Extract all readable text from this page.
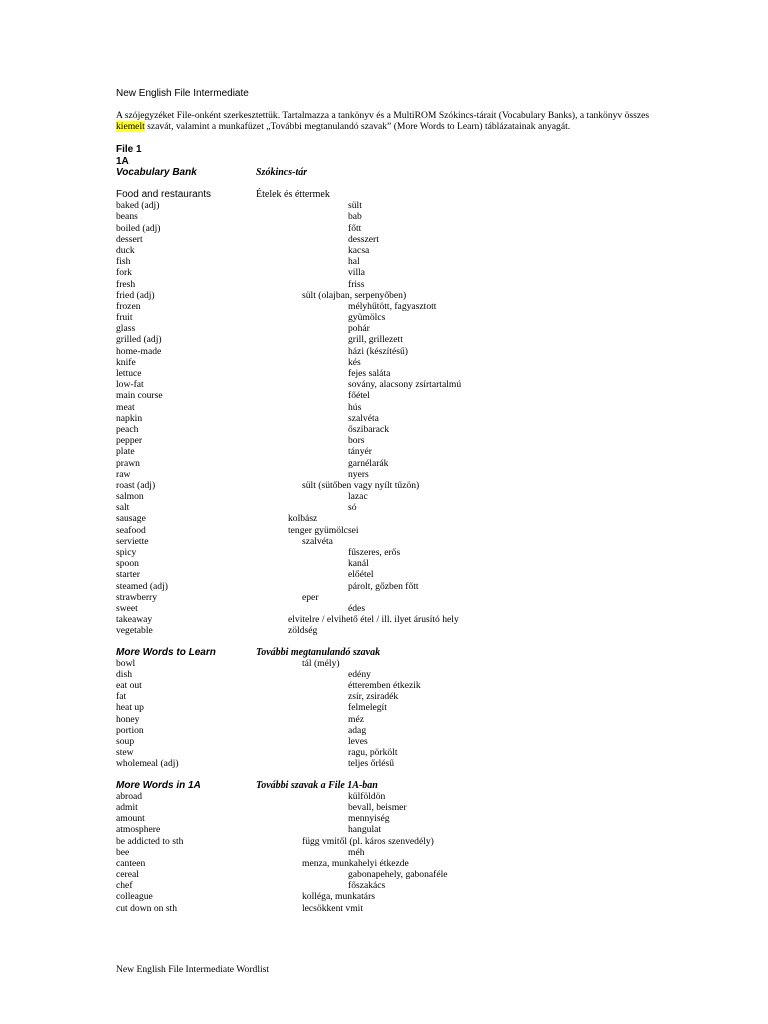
New English File Intermediate
A szójegyzéket File-onként szerkesztettük. Tartalmazza a tankönyv és a MultiROM Szókincs-tárait (Vocabulary Banks), a tankönyv összes kiemelt szavát, valamint a munkafüzet „További megtanulandó szavak” (More Words to Learn) táblázatainak anyagát.
File 1
1A
Vocabulary Bank	Szókincs-tár
Food and restaurants	Ételek és éttermek
baked (adj)	sült
beans	bab
boiled (adj)	főtt
dessert	desszert
duck	kacsa
fish	hal
fork	villa
fresh	friss
fried (adj)	sült (olajban, serpenyőben)
frozen	mélyhűtött, fagyasztott
fruit	gyümölcs
glass	pohár
grilled (adj)	grill, grillezett
home-made	házi (készítésű)
knife	kés
lettuce	fejes saláta
low-fat	sovány, alacsony zsírtartalmú
main course	főétel
meat	hús
napkin	szalvéta
peach	őszibarack
pepper	bors
plate	tányér
prawn	garnélarák
raw	nyers
roast (adj)	sült (sütőben vagy nyílt tűzön)
salmon	lazac
salt	só
sausage	kolbász
seafood	tenger gyümölcsei
serviette	szalvéta
spicy	fűszeres, erős
spoon	kanál
starter	előétel
steamed (adj)	párolt, gőzben főtt
strawberry	eper
sweet	édes
takeaway	elvitelre / elvihető étel / ill. ilyet árusító hely
vegetable	zöldség
More Words to Learn	További megtanulandó szavak
bowl	tál (mély)
dish	edény
eat out	étteremben étkezik
fat	zsír, zsiradék
heat up	felmelegít
honey	méz
portion	adag
soup	leves
stew	ragu, pörkölt
wholemeal (adj)	teljes őrlésű
More Words in 1A	További szavak a File 1A-ban
abroad	külföldön
admit	bevall, beismer
amount	mennyiség
atmosphere	hangulat
be addicted to sth	függ vmitől (pl. káros szenvedély)
bee	méh
canteen	menza, munkahelyi étkezde
cereal	gabonapehely, gabonaféle
chef	főszakács
colleague	kolléga, munkatárs
cut down on sth	lecsökkent vmit
New English File Intermediate Wordlist
